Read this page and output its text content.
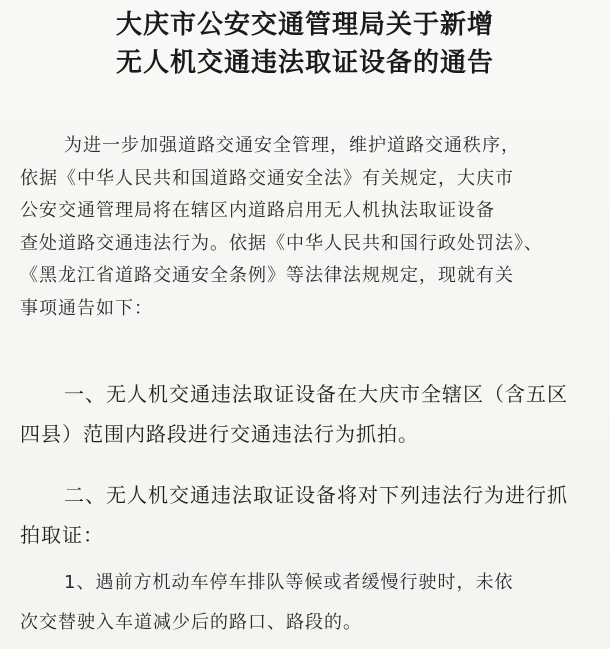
大庆市公安交通管理局关于新增
无人机交通违法取证设备的通告
为进一步加强道路交通安全管理，维护道路交通秩序，
依据《中华人民共和国道路交通安全法》有关规定，大庆市
公安交通管理局将在辖区内道路启用无人机执法取证设备
查处道路交通违法行为。依据《中华人民共和国行政处罚法》、
《黑龙江省道路交通安全条例》等法律法规规定，现就有关
事项通告如下：
一、无人机交通违法取证设备在大庆市全辖区（含五区
四县）范围内路段进行交通违法行为抓拍。
二、无人机交通违法取证设备将对下列违法行为进行抓
拍取证：
1、遇前方机动车停车排队等候或者缓慢行驶时，未依
次交替驶入车道减少后的路口、路段的。
